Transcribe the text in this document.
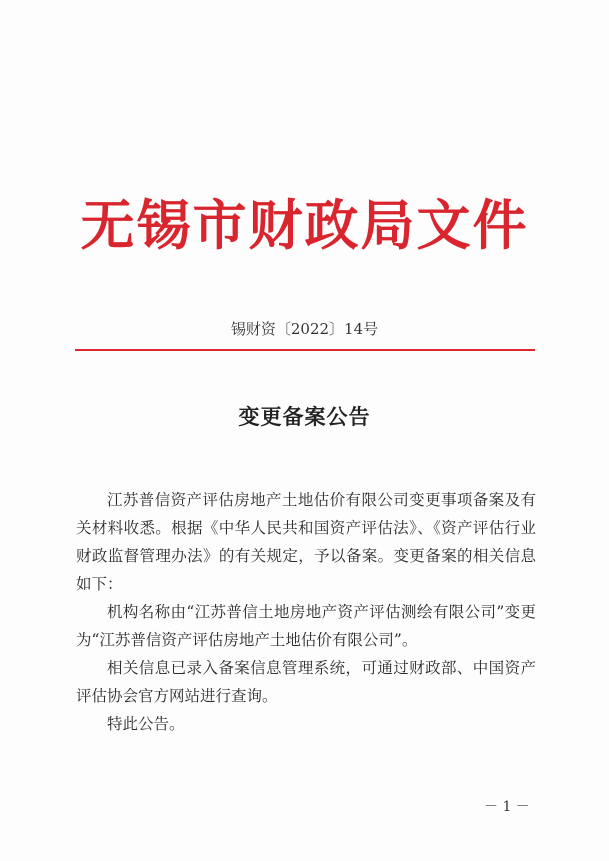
无锡市财政局文件
锡财资〔2022〕14号
变更备案公告

江苏普信资产评估房地产土地估价有限公司变更事项备案及有关材料收悉。根据《中华人民共和国资产评估法》、《资产评估行业财政监督管理办法》的有关规定，予以备案。变更备案的相关信息如下：

机构名称由“江苏普信土地房地产资产评估测绘有限公司”变更为“江苏普信资产评估房地产土地估价有限公司”。

相关信息已录入备案信息管理系统，可通过财政部、中国资产评估协会官方网站进行查询。

特此公告。

－ 1 －
